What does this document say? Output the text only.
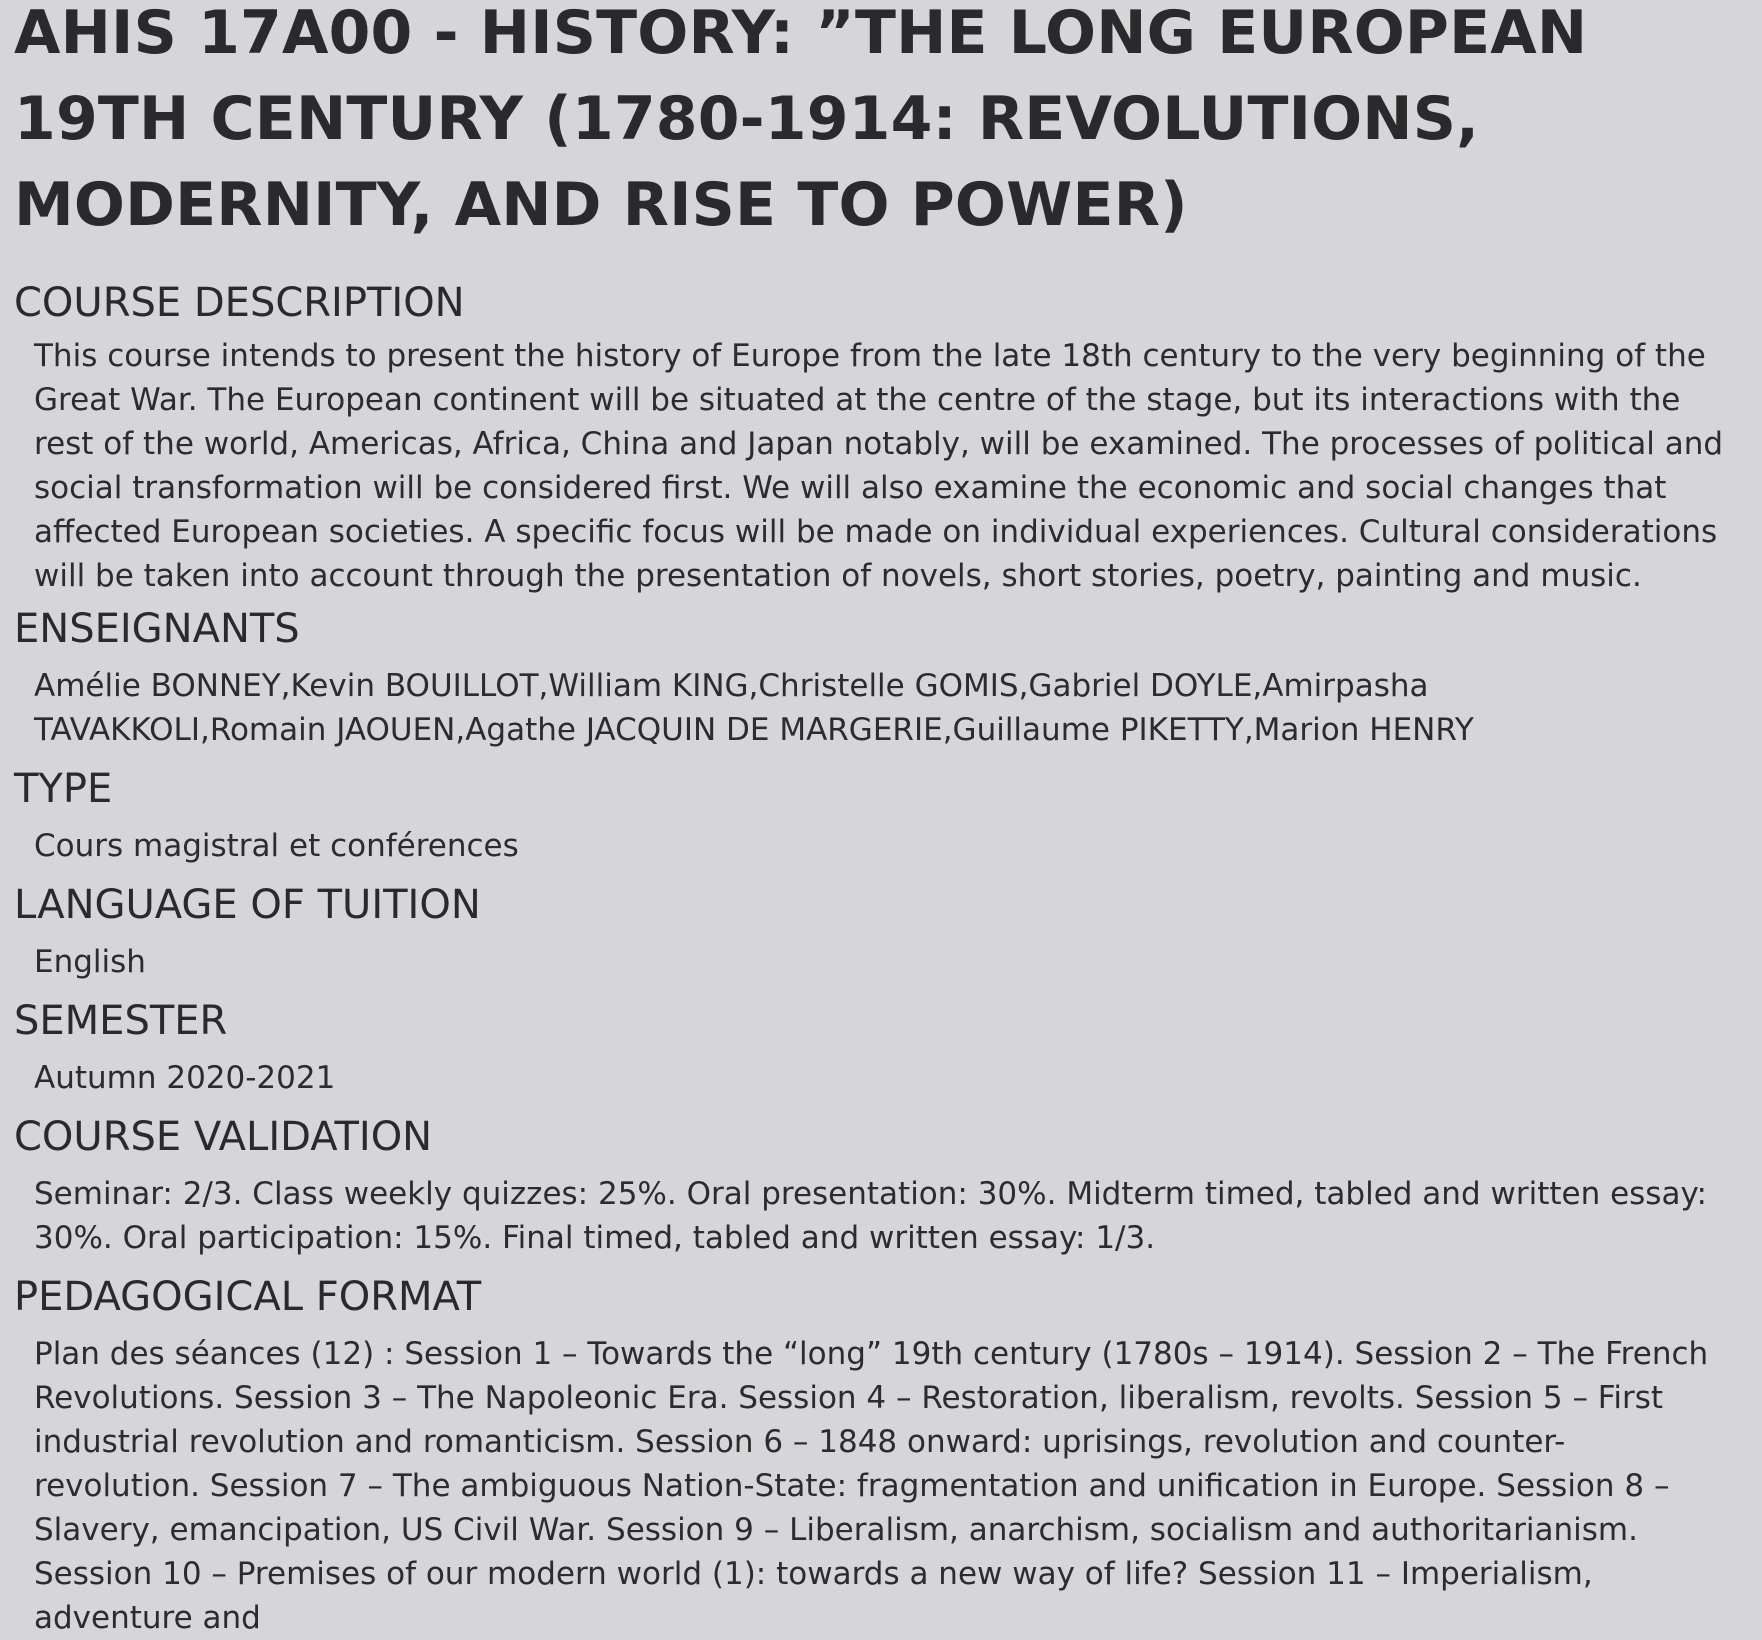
AHIS 17A00 - HISTORY: ”THE LONG EUROPEAN 19TH CENTURY (1780-1914: REVOLUTIONS, MODERNITY, AND RISE TO POWER)
COURSE DESCRIPTION

This course intends to present the history of Europe from the late 18th century to the very beginning of the Great War. The European continent will be situated at the centre of the stage, but its interactions with the rest of the world, Americas, Africa, China and Japan notably, will be examined. The processes of political and social transformation will be considered first. We will also examine the economic and social changes that affected European societies. A specific focus will be made on individual experiences. Cultural considerations will be taken into account through the presentation of novels, short stories, poetry, painting and music.

ENSEIGNANTS

Amélie BONNEY,Kevin BOUILLOT,William KING,Christelle GOMIS,Gabriel DOYLE,Amirpasha TAVAKKOLI,Romain JAOUEN,Agathe JACQUIN DE MARGERIE,Guillaume PIKETTY,Marion HENRY

TYPE

Cours magistral et conférences

LANGUAGE OF TUITION

English

SEMESTER

Autumn 2020-2021

COURSE VALIDATION

Seminar: 2/3. Class weekly quizzes: 25%. Oral presentation: 30%. Midterm timed, tabled and written essay: 30%. Oral participation: 15%. Final timed, tabled and written essay: 1/3.

PEDAGOGICAL FORMAT

Plan des séances (12) : Session 1 – Towards the “long” 19th century (1780s – 1914). Session 2 – The French Revolutions. Session 3 – The Napoleonic Era. Session 4 – Restoration, liberalism, revolts. Session 5 – First industrial revolution and romanticism. Session 6 – 1848 onward: uprisings, revolution and counter-revolution. Session 7 – The ambiguous Nation-State: fragmentation and unification in Europe. Session 8 – Slavery, emancipation, US Civil War. Session 9 – Liberalism, anarchism, socialism and authoritarianism. Session 10 – Premises of our modern world (1): towards a new way of life? Session 11 – Imperialism, adventure and
